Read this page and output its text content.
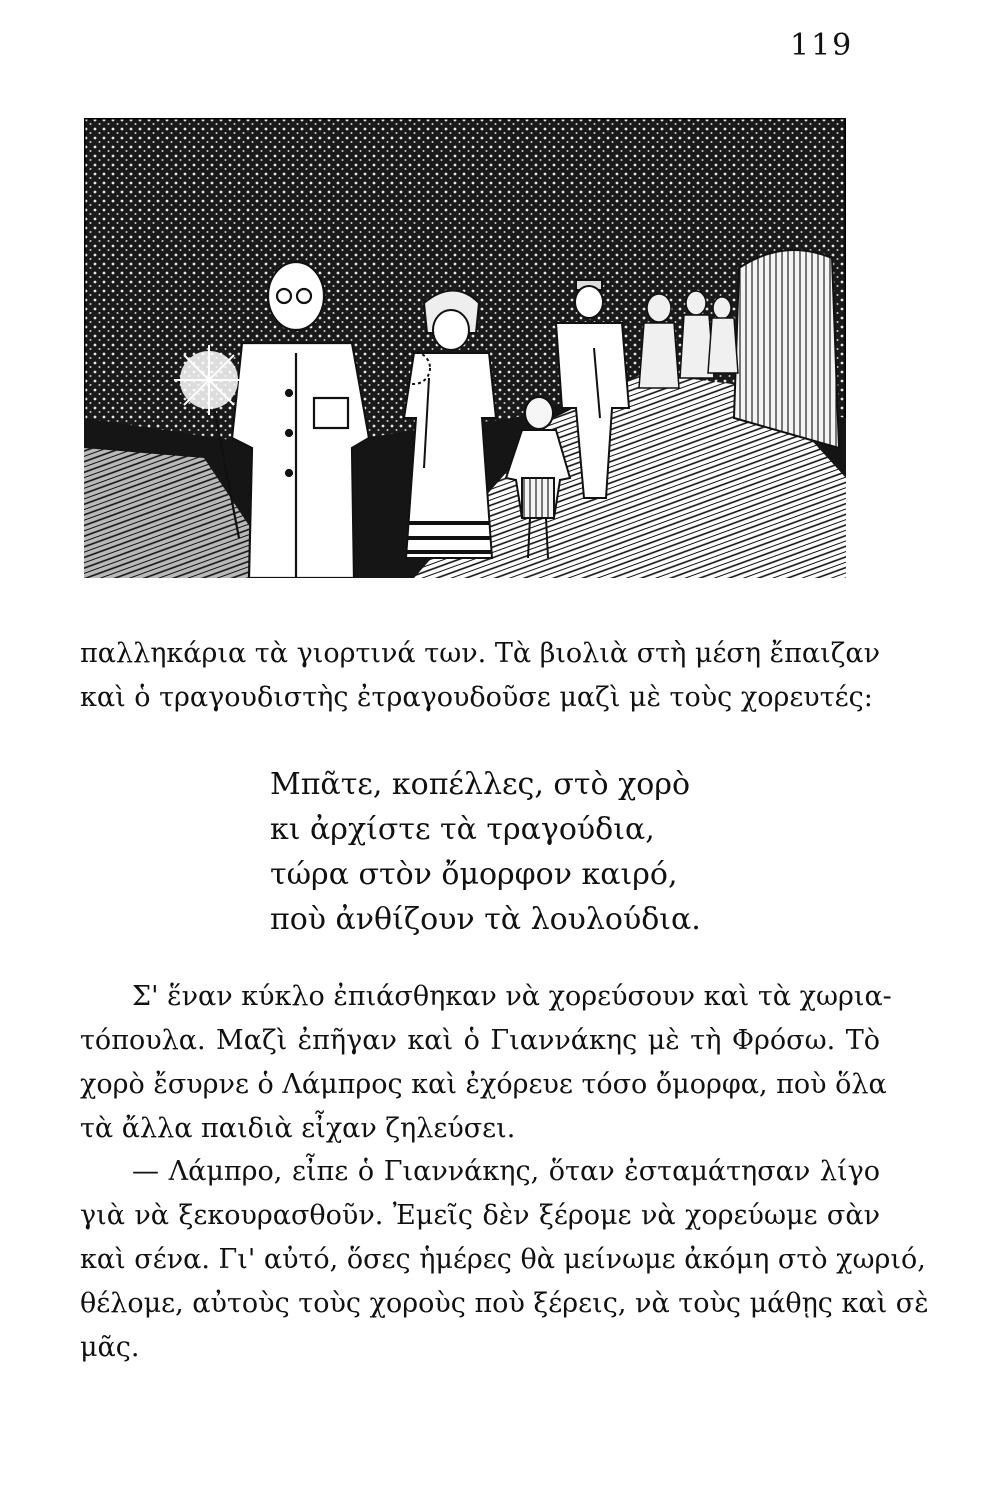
119
παλληκάρια τὰ γιορτινά των. Τὰ βιολιὰ στὴ μέση ἔπαιζαν
καὶ ὁ τραγουδιστὴς ἐτραγουδοῦσε μαζὶ μὲ τοὺς χορευτές:
Μπᾶτε, κοπέλλες, στὸ χορὸ
κι ἀρχίστε τὰ τραγούδια,
τώρα στὸν ὄμορφον καιρό,
ποὺ ἀνθίζουν τὰ λουλούδια.
Σ' ἕναν κύκλο ἐπιάσθηκαν νὰ χορεύσουν καὶ τὰ χωρια-
τόπουλα. Μαζὶ ἐπῆγαν καὶ ὁ Γιαννάκης μὲ τὴ Φρόσω. Τὸ
χορὸ ἔσυρνε ὁ Λάμπρος καὶ ἐχόρευε τόσο ὄμορφα, ποὺ ὅλα
τὰ ἄλλα παιδιὰ εἶχαν ζηλεύσει.
— Λάμπρο, εἶπε ὁ Γιαννάκης, ὅταν ἐσταμάτησαν λίγο
γιὰ νὰ ξεκουρασθοῦν. Ἐμεῖς δὲν ξέρομε νὰ χορεύωμε σὰν
καὶ σένα. Γι' αὐτό, ὅσες ἡμέρες θὰ μείνωμε ἀκόμη στὸ χωριό,
θέλομε, αὐτοὺς τοὺς χοροὺς ποὺ ξέρεις, νὰ τοὺς μάθῃς καὶ σὲ
μᾶς.
